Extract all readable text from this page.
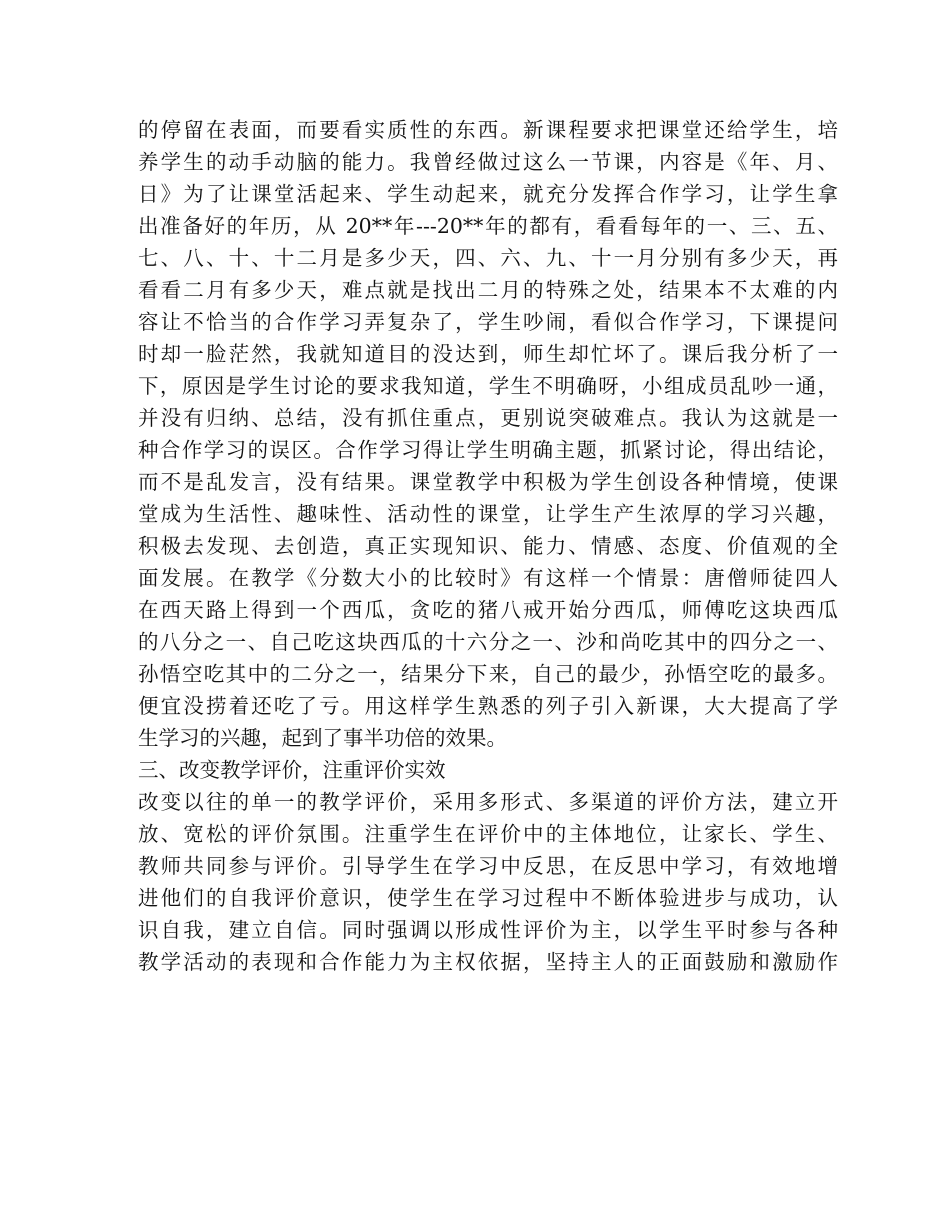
的停留在表面，而要看实质性的东西。新课程要求把课堂还给学生，培
养学生的动手动脑的能力。我曾经做过这么一节课，内容是《年、月、
日》为了让课堂活起来、学生动起来，就充分发挥合作学习，让学生拿
出准备好的年历，从 20**年---20**年的都有，看看每年的一、三、五、
七、八、十、十二月是多少天，四、六、九、十一月分别有多少天，再
看看二月有多少天，难点就是找出二月的特殊之处，结果本不太难的内
容让不恰当的合作学习弄复杂了，学生吵闹，看似合作学习，下课提问
时却一脸茫然，我就知道目的没达到，师生却忙坏了。课后我分析了一
下，原因是学生讨论的要求我知道，学生不明确呀，小组成员乱吵一通，
并没有归纳、总结，没有抓住重点，更别说突破难点。我认为这就是一
种合作学习的误区。合作学习得让学生明确主题，抓紧讨论，得出结论，
而不是乱发言，没有结果。课堂教学中积极为学生创设各种情境，使课
堂成为生活性、趣味性、活动性的课堂，让学生产生浓厚的学习兴趣，
积极去发现、去创造，真正实现知识、能力、情感、态度、价值观的全
面发展。在教学《分数大小的比较时》有这样一个情景：唐僧师徒四人
在西天路上得到一个西瓜，贪吃的猪八戒开始分西瓜，师傅吃这块西瓜
的八分之一、自己吃这块西瓜的十六分之一、沙和尚吃其中的四分之一、
孙悟空吃其中的二分之一，结果分下来，自己的最少，孙悟空吃的最多。
便宜没捞着还吃了亏。用这样学生熟悉的列子引入新课，大大提高了学
生学习的兴趣，起到了事半功倍的效果。
三、改变教学评价，注重评价实效
改变以往的单一的教学评价，采用多形式、多渠道的评价方法，建立开
放、宽松的评价氛围。注重学生在评价中的主体地位，让家长、学生、
教师共同参与评价。引导学生在学习中反思，在反思中学习，有效地增
进他们的自我评价意识，使学生在学习过程中不断体验进步与成功，认
识自我，建立自信。同时强调以形成性评价为主，以学生平时参与各种
教学活动的表现和合作能力为主权依据，坚持主人的正面鼓励和激励作
